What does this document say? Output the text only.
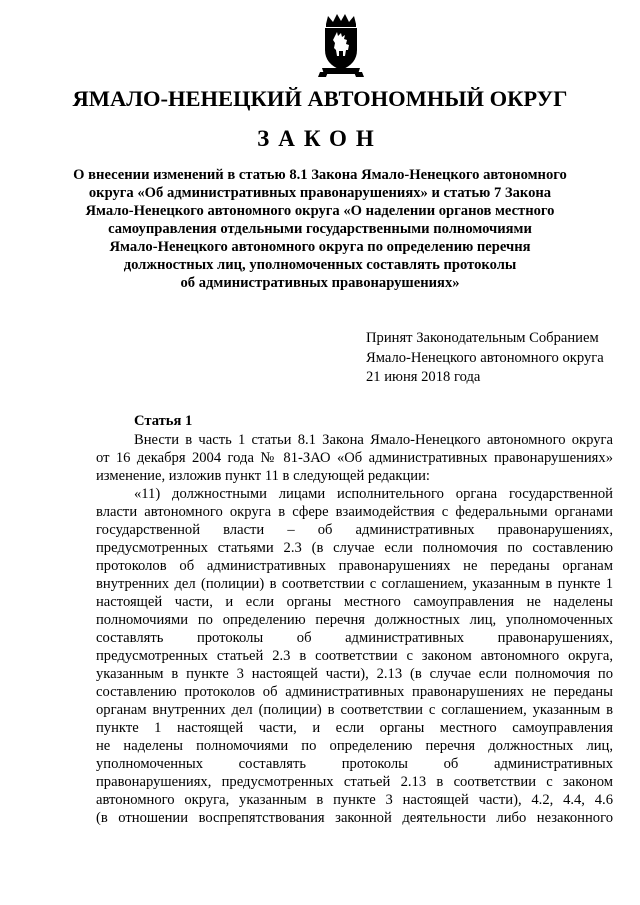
ЯМАЛО-НЕНЕЦКИЙ АВТОНОМНЫЙ ОКРУГ
ЗАКОН
О внесении изменений в статью 8.1 Закона Ямало-Ненецкого автономного
округа «Об административных правонарушениях» и статью 7 Закона
Ямало-Ненецкого автономного округа «О наделении органов местного
самоуправления отдельными государственными полномочиями
Ямало-Ненецкого автономного округа по определению перечня
должностных лиц, уполномоченных составлять протоколы
об административных правонарушениях»
Принят Законодательным Собранием
Ямало-Ненецкого автономного округа
21 июня 2018 года
Статья 1
Внести в часть 1 статьи 8.1 Закона Ямало-Ненецкого автономного округа
от 16 декабря 2004 года № 81-ЗАО «Об административных правонарушениях»
изменение, изложив пункт 11 в следующей редакции:
«11) должностными лицами исполнительного органа государственной
власти автономного округа в сфере взаимодействия с федеральными органами
государственной власти – об административных правонарушениях,
предусмотренных статьями 2.3 (в случае если полномочия по составлению
протоколов об административных правонарушениях не переданы органам
внутренних дел (полиции) в соответствии с соглашением, указанным в пункте 1
настоящей части, и если органы местного самоуправления не наделены
полномочиями по определению перечня должностных лиц, уполномоченных
составлять протоколы об административных правонарушениях,
предусмотренных статьей 2.3 в соответствии с законом автономного округа,
указанным в пункте 3 настоящей части), 2.13 (в случае если полномочия по
составлению протоколов об административных правонарушениях не переданы
органам внутренних дел (полиции) в соответствии с соглашением, указанным в
пункте 1 настоящей части, и если органы местного самоуправления
не наделены полномочиями по определению перечня должностных лиц,
уполномоченных составлять протоколы об административных
правонарушениях, предусмотренных статьей 2.13 в соответствии с законом
автономного округа, указанным в пункте 3 настоящей части), 4.2, 4.4, 4.6
(в отношении воспрепятствования законной деятельности либо незаконного
